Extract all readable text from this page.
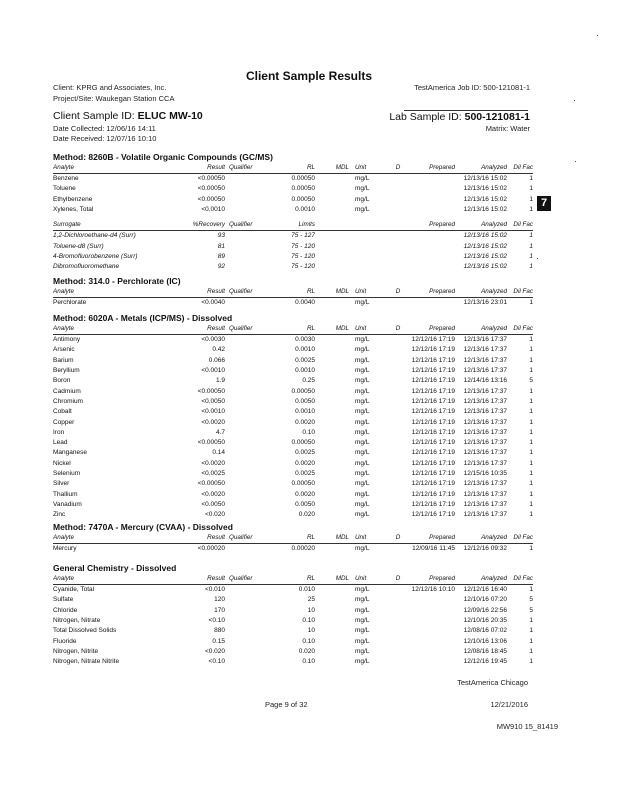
Client Sample Results
Client: KPRG and Associates, Inc.
Project/Site: Waukegan Station CCA
TestAmerica Job ID: 500-121081-1
Client Sample ID: ELUC MW-10	Lab Sample ID: 500-121081-1
Date Collected: 12/06/16 14:11
Date Received: 12/07/16 10:10
Matrix: Water
Method: 8260B - Volatile Organic Compounds (GC/MS)
Analyte	Result	Qualifier	RL	MDL	Unit	D	Prepared	Analyzed	Dil Fac
Benzene	<0.00050		0.00050		mg/L			12/13/16 15:02	1
Toluene	<0.00050		0.00050		mg/L			12/13/16 15:02	1
Ethylbenzene	<0.00050		0.00050		mg/L			12/13/16 15:02	1
Xylenes, Total	<0.0010		0.0010		mg/L			12/13/16 15:02	1

Surrogate	%Recovery	Qualifier	Limits				Prepared	Analyzed	Dil Fac
1,2-Dichloroethane-d4 (Surr)	93		75 - 127					12/13/16 15:02	1
Toluene-d8 (Surr)	81		75 - 120					12/13/16 15:02	1
4-Bromofluorobenzene (Surr)	89		75 - 120					12/13/16 15:02	1
Dibromofluoromethane	92		75 - 120					12/13/16 15:02	1
Method: 314.0 - Perchlorate (IC)
Analyte	Result	Qualifier	RL	MDL	Unit	D	Prepared	Analyzed	Dil Fac
Perchlorate	<0.0040		0.0040		mg/L			12/13/16 23:01	1
Method: 6020A - Metals (ICP/MS) - Dissolved
Analyte	Result	Qualifier	RL	MDL	Unit	D	Prepared	Analyzed	Dil Fac
Antimony	<0.0030		0.0030		mg/L		12/12/16 17:19	12/13/16 17:37	1
Arsenic	0.42		0.0010		mg/L		12/12/16 17:19	12/13/16 17:37	1
Barium	0.066		0.0025		mg/L		12/12/16 17:19	12/13/16 17:37	1
Beryllium	<0.0010		0.0010		mg/L		12/12/16 17:19	12/13/16 17:37	1
Boron	1.9		0.25		mg/L		12/12/16 17:19	12/14/16 13:16	5
Cadmium	<0.00050		0.00050		mg/L		12/12/16 17:19	12/13/16 17:37	1
Chromium	<0.0050		0.0050		mg/L		12/12/16 17:19	12/13/16 17:37	1
Cobalt	<0.0010		0.0010		mg/L		12/12/16 17:19	12/13/16 17:37	1
Copper	<0.0020		0.0020		mg/L		12/12/16 17:19	12/13/16 17:37	1
Iron	4.7		0.10		mg/L		12/12/16 17:19	12/13/16 17:37	1
Lead	<0.00050		0.00050		mg/L		12/12/16 17:19	12/13/16 17:37	1
Manganese	0.14		0.0025		mg/L		12/12/16 17:19	12/13/16 17:37	1
Nickel	<0.0020		0.0020		mg/L		12/12/16 17:19	12/13/16 17:37	1
Selenium	<0.0025		0.0025		mg/L		12/12/16 17:19	12/15/16 10:35	1
Silver	<0.00050		0.00050		mg/L		12/12/16 17:19	12/13/16 17:37	1
Thallium	<0.0020		0.0020		mg/L		12/12/16 17:19	12/13/16 17:37	1
Vanadium	<0.0050		0.0050		mg/L		12/12/16 17:19	12/13/16 17:37	1
Zinc	<0.020		0.020		mg/L		12/12/16 17:19	12/13/16 17:37	1
Method: 7470A - Mercury (CVAA) - Dissolved
Analyte	Result	Qualifier	RL	MDL	Unit	D	Prepared	Analyzed	Dil Fac
Mercury	<0.00020		0.00020		mg/L		12/09/16 11:45	12/12/16 09:32	1
General Chemistry - Dissolved
Analyte	Result	Qualifier	RL	MDL	Unit	D	Prepared	Analyzed	Dil Fac
Cyanide, Total	<0.010		0.010		mg/L		12/12/16 10:10	12/12/16 16:40	1
Sulfate	120		25		mg/L			12/10/16 07:20	5
Chloride	170		10		mg/L			12/09/16 22:56	5
Nitrogen, Nitrate	<0.10		0.10		mg/L			12/10/16 20:35	1
Total Dissolved Solids	880		10		mg/L			12/08/16 07:02	1
Fluoride	0.15		0.10		mg/L			12/10/16 13:06	1
Nitrogen, Nitrite	<0.020		0.020		mg/L			12/08/16 18:45	1
Nitrogen, Nitrate Nitrite	<0.10		0.10		mg/L			12/12/16 19:45	1
7
TestAmerica Chicago
Page 9 of 32	12/21/2016
MW910 15_81419
